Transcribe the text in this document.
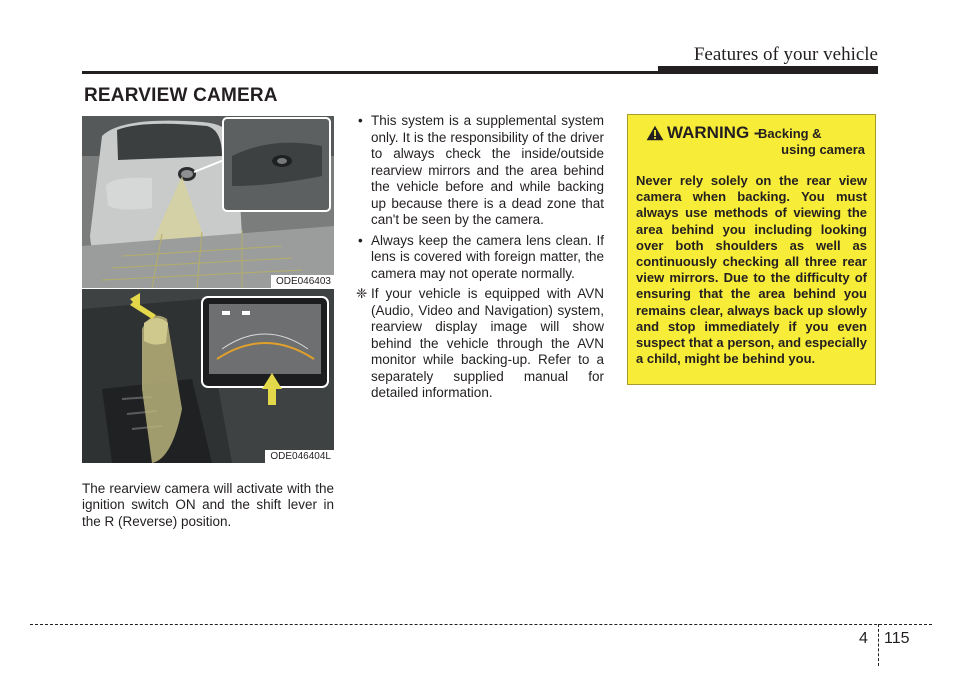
Features of your vehicle
REARVIEW CAMERA
ODE046403
ODE046404L

The rearview camera will activate with the ignition switch ON and the shift lever in the R (Reverse) position.

• This system is a supplemental system only. It is the responsibility of the driver to always check the inside/outside rearview mirrors and the area behind the vehicle before and while backing up because there is a dead zone that can't be seen by the camera.

• Always keep the camera lens clean. If lens is covered with foreign matter, the camera may not operate normally.

❈ If your vehicle is equipped with AVN (Audio, Video and Navigation) system, rearview display image will show behind the vehicle through the AVN monitor while backing-up. Refer to a separately supplied manual for detailed information.

WARNING -
Backing &
using camera

Never rely solely on the rear view camera when backing. You must always use methods of viewing the area behind you including looking over both shoulders as well as continuously checking all three rear view mirrors. Due to the difficulty of ensuring that the area behind you remains clear, always back up slowly and stop immediately if you even suspect that a person, and especially a child, might be behind you.

4 115
